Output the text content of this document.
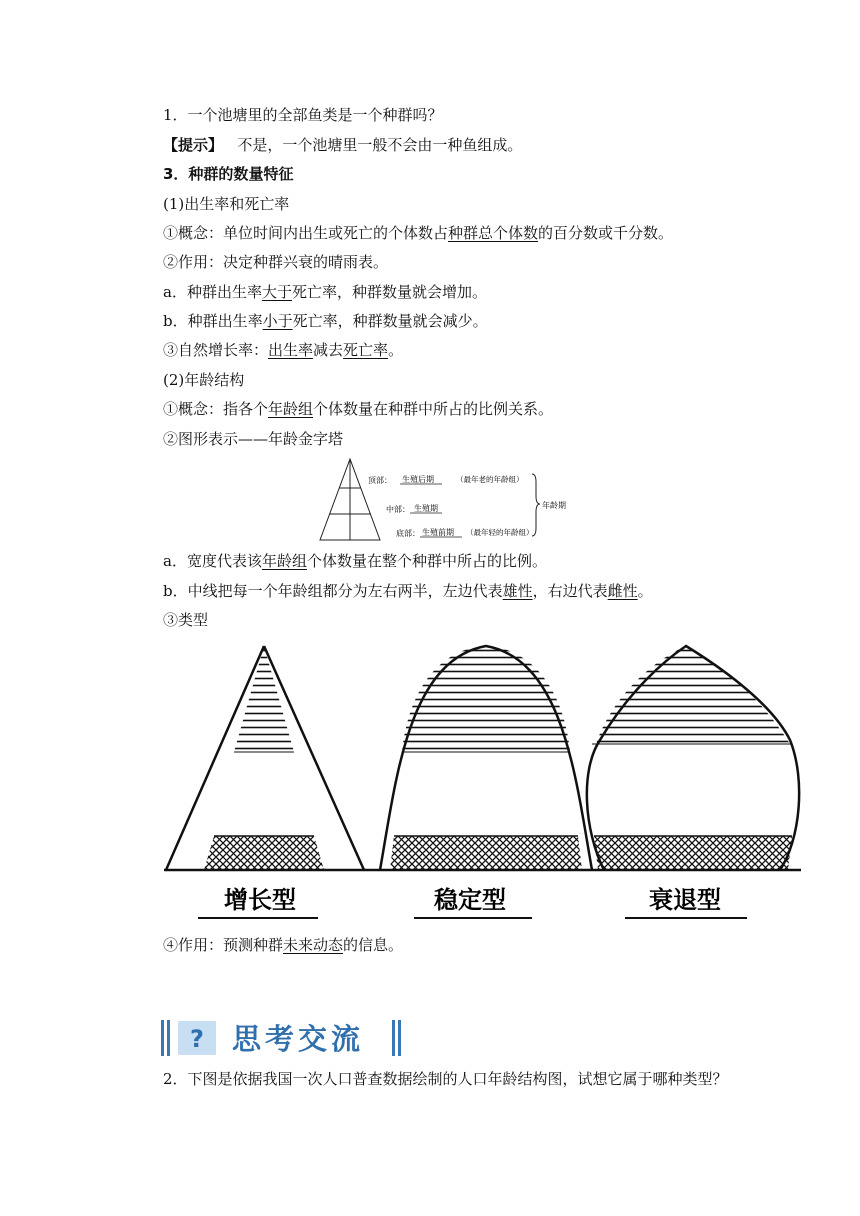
1．一个池塘里的全部鱼类是一个种群吗？
【提示】 不是，一个池塘里一般不会由一种鱼组成。
3．种群的数量特征
(1)出生率和死亡率
①概念：单位时间内出生或死亡的个体数占种群总个体数的百分数或千分数。
②作用：决定种群兴衰的晴雨表。
a．种群出生率大于死亡率，种群数量就会增加。
b．种群出生率小于死亡率，种群数量就会减少。
③自然增长率：出生率减去死亡率。
(2)年龄结构
①概念：指各个年龄组个体数量在种群中所占的比例关系。
②图形表示——年龄金字塔
顶部： 生殖后期	（最年老的年龄组）
中部： 生殖期
底部： 生殖前期 （最年轻的年龄组）
年龄期
a．宽度代表该年龄组个体数量在整个种群中所占的比例。
b．中线把每一个年龄组都分为左右两半，左边代表雄性，右边代表雌性。
③类型
增长型	稳定型	衰退型
④作用：预测种群未来动态的信息。
? 思考交流
2．下图是依据我国一次人口普查数据绘制的人口年龄结构图，试想它属于哪种类型？
